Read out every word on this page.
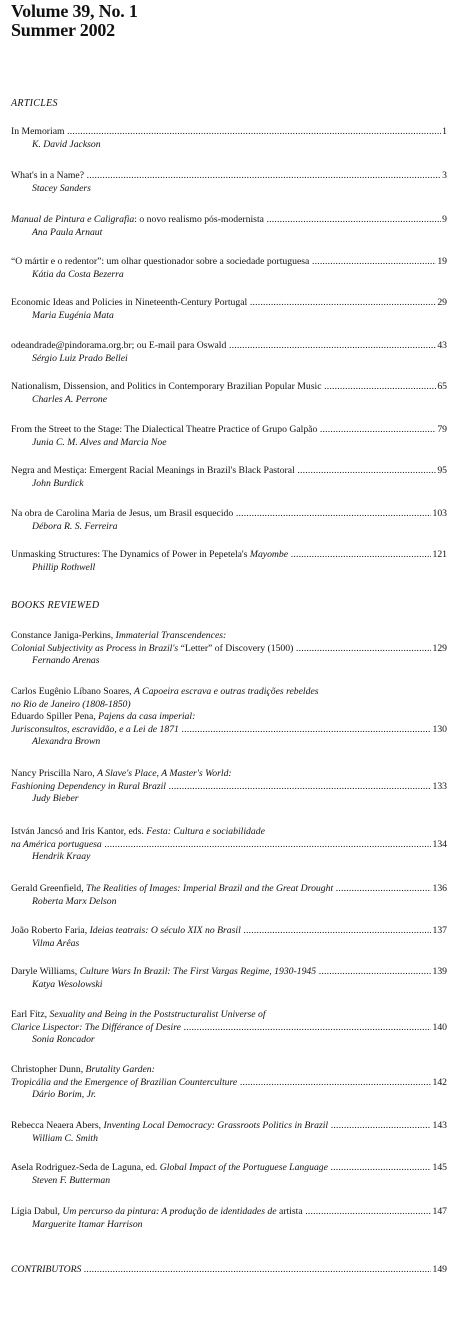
Volume 39, No. 1
Summer 2002
ARTICLES
In Memoriam	1
.....
K. David Jackson
What's in a Name?	3
.....
Stacey Sanders
Manual de Pintura e Caligrafia: o novo realismo pós-modernista	9
.....
Ana Paula Arnaut
“O mártir e o redentor”: um olhar questionador sobre a sociedade portuguesa	19
.....
Kátia da Costa Bezerra
Economic Ideas and Policies in Nineteenth-Century Portugal	29
.....
Maria Eugénia Mata
odeandrade@pindorama.org.br; ou E-mail para Oswald	43
.....
Sérgio Luiz Prado Bellei
Nationalism, Dissension, and Politics in Contemporary Brazilian Popular Music	65
.....
Charles A. Perrone
From the Street to the Stage: The Dialectical Theatre Practice of Grupo Galpão	79
.....
Junia C. M. Alves and Marcia Noe
Negra and Mestiça: Emergent Racial Meanings in Brazil's Black Pastoral	95
.....
John Burdick
Na obra de Carolina Maria de Jesus, um Brasil esquecido	103
.....
Débora R. S. Ferreira
Unmasking Structures: The Dynamics of Power in Pepetela's Mayombe	121
.....
Phillip Rothwell
BOOKS REVIEWED
Constance Janiga-Perkins, Immaterial Transcendences:
Colonial Subjectivity as Process in Brazil's “Letter” of Discovery (1500)	129
.....
Fernando Arenas
Carlos Eugênio Líbano Soares, A Capoeira escrava e outras tradições rebeldes
no Rio de Janeiro (1808-1850)
Eduardo Spiller Pena, Pajens da casa imperial:
Jurisconsultos, escravidão, e a Lei de 1871	130
.....
Alexandra Brown
Nancy Priscilla Naro, A Slave's Place, A Master's World:
Fashioning Dependency in Rural Brazil	133
.....
Judy Bieber
István Jancsó and Iris Kantor, eds. Festa: Cultura e sociabilidade
na América portuguesa	134
.....
Hendrik Kraay
Gerald Greenfield, The Realities of Images: Imperial Brazil and the Great Drought	136
.....
Roberta Marx Delson
João Roberto Faria, Ideias teatrais: O século XIX no Brasil	137
.....
Vilma Arêas
Daryle Williams, Culture Wars In Brazil: The First Vargas Regime, 1930-1945	139
.....
Katya Wesolowski
Earl Fitz, Sexuality and Being in the Poststructuralist Universe of
Clarice Lispector: The Différance of Desire	140
.....
Sonia Roncador
Christopher Dunn, Brutality Garden:
Tropicália and the Emergence of Brazilian Counterculture	142
.....
Dário Borim, Jr.
Rebecca Neaera Abers, Inventing Local Democracy: Grassroots Politics in Brazil	143
.....
William C. Smith
Asela Rodriguez-Seda de Laguna, ed. Global Impact of the Portuguese Language	145
.....
Steven F. Butterman
Lígia Dabul, Um percurso da pintura: A produção de identidades de artista	147
.....
Marguerite Itamar Harrison
CONTRIBUTORS	149
.....
